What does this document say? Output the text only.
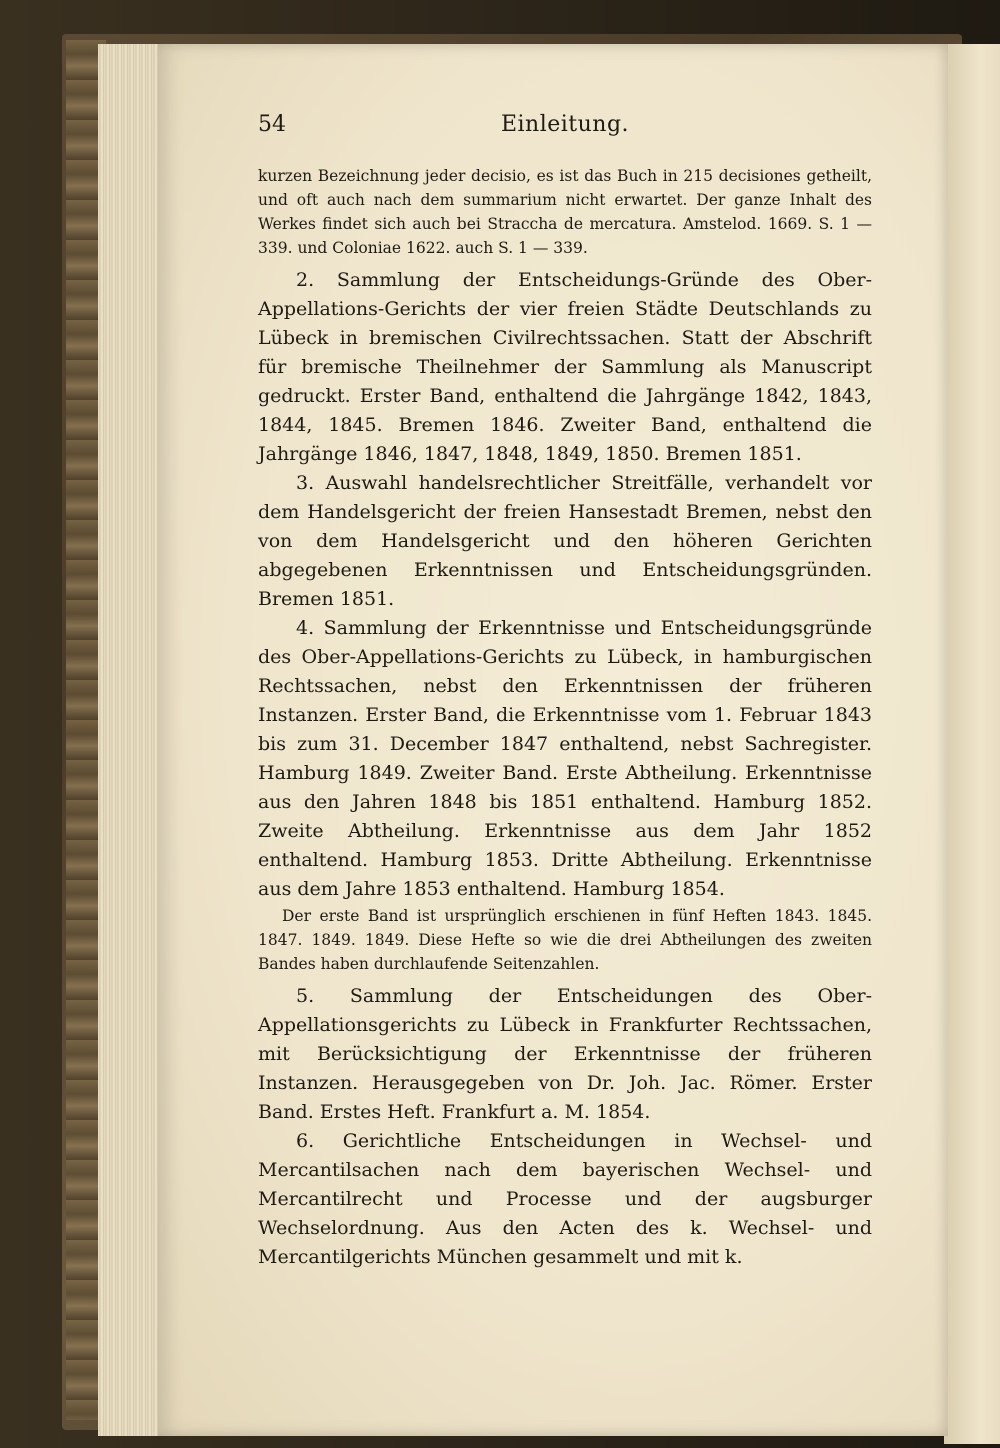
54	Einleitung.

kurzen Bezeichnung jeder decisio, es ist das Buch in 215 decisiones getheilt, und oft auch nach dem summarium nicht erwartet. Der ganze Inhalt des Werkes findet sich auch bei Straccha de mercatura. Amstelod. 1669. S. 1 — 339. und Coloniae 1622. auch S. 1 — 339.

2. Sammlung der Entscheidungs-Gründe des Ober-Appellations-Gerichts der vier freien Städte Deutschlands zu Lübeck in bremischen Civilrechtssachen. Statt der Abschrift für bremische Theilnehmer der Sammlung als Manuscript gedruckt. Erster Band, enthaltend die Jahrgänge 1842, 1843, 1844, 1845. Bremen 1846. Zweiter Band, enthaltend die Jahrgänge 1846, 1847, 1848, 1849, 1850. Bremen 1851.

3. Auswahl handelsrechtlicher Streitfälle, verhandelt vor dem Handelsgericht der freien Hansestadt Bremen, nebst den von dem Handelsgericht und den höheren Gerichten abgegebenen Erkenntnissen und Entscheidungsgründen. Bremen 1851.

4. Sammlung der Erkenntnisse und Entscheidungsgründe des Ober-Appellations-Gerichts zu Lübeck, in hamburgischen Rechtssachen, nebst den Erkenntnissen der früheren Instanzen. Erster Band, die Erkenntnisse vom 1. Februar 1843 bis zum 31. December 1847 enthaltend, nebst Sachregister. Hamburg 1849. Zweiter Band. Erste Abtheilung. Erkenntnisse aus den Jahren 1848 bis 1851 enthaltend. Hamburg 1852. Zweite Abtheilung. Erkenntnisse aus dem Jahr 1852 enthaltend. Hamburg 1853. Dritte Abtheilung. Erkenntnisse aus dem Jahre 1853 enthaltend. Hamburg 1854.

Der erste Band ist ursprünglich erschienen in fünf Heften 1843. 1845. 1847. 1849. 1849. Diese Hefte so wie die drei Abtheilungen des zweiten Bandes haben durchlaufende Seitenzahlen.

5. Sammlung der Entscheidungen des Ober-Appellationsgerichts zu Lübeck in Frankfurter Rechtssachen, mit Berücksichtigung der Erkenntnisse der früheren Instanzen. Herausgegeben von Dr. Joh. Jac. Römer. Erster Band. Erstes Heft. Frankfurt a. M. 1854.

6. Gerichtliche Entscheidungen in Wechsel- und Mercantilsachen nach dem bayerischen Wechsel- und Mercantilrecht und Processe und der augsburger Wechselordnung. Aus den Acten des k. Wechsel- und Mercantilgerichts München gesammelt und mit k.
